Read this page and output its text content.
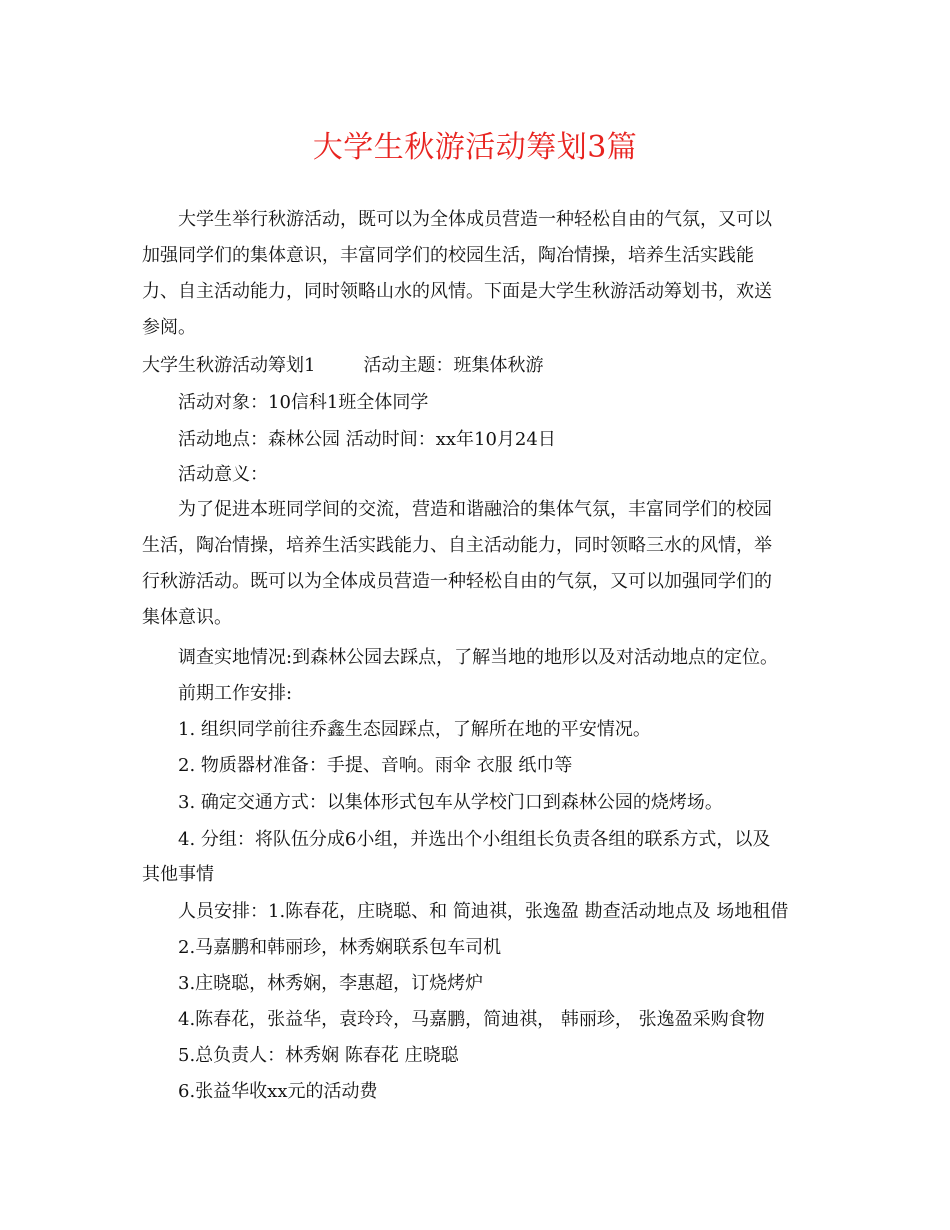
大学生秋游活动筹划3篇
大学生举行秋游活动，既可以为全体成员营造一种轻松自由的气氛，又可以
加强同学们的集体意识，丰富同学们的校园生活，陶冶情操，培养生活实践能
力、自主活动能力，同时领略山水的风情。下面是大学生秋游活动筹划书，欢送
参阅。
大学生秋游活动筹划1	活动主题：班集体秋游
活动对象：10信科1班全体同学
活动地点：森林公园 活动时间：xx年10月24日
活动意义：
为了促进本班同学间的交流，营造和谐融洽的集体气氛，丰富同学们的校园
生活，陶冶情操，培养生活实践能力、自主活动能力，同时领略三水的风情，举
行秋游活动。既可以为全体成员营造一种轻松自由的气氛，又可以加强同学们的
集体意识。
调查实地情况:到森林公园去踩点，了解当地的地形以及对活动地点的定位。
前期工作安排:
1. 组织同学前往乔鑫生态园踩点，了解所在地的平安情况。
2. 物质器材准备：手提、音响。雨伞 衣服 纸巾等
3. 确定交通方式：以集体形式包车从学校门口到森林公园的烧烤场。
4. 分组：将队伍分成6小组，并选出个小组组长负责各组的联系方式，以及
其他事情
人员安排：1.陈春花，庄晓聪、和 简迪祺，张逸盈 勘查活动地点及 场地租借
2.马嘉鹏和韩丽珍，林秀娴联系包车司机
3.庄晓聪，林秀娴，李惠超，订烧烤炉
4.陈春花，张益华，袁玲玲，马嘉鹏，简迪祺， 韩丽珍， 张逸盈采购食物
5.总负责人：林秀娴 陈春花 庄晓聪
6.张益华收xx元的活动费
